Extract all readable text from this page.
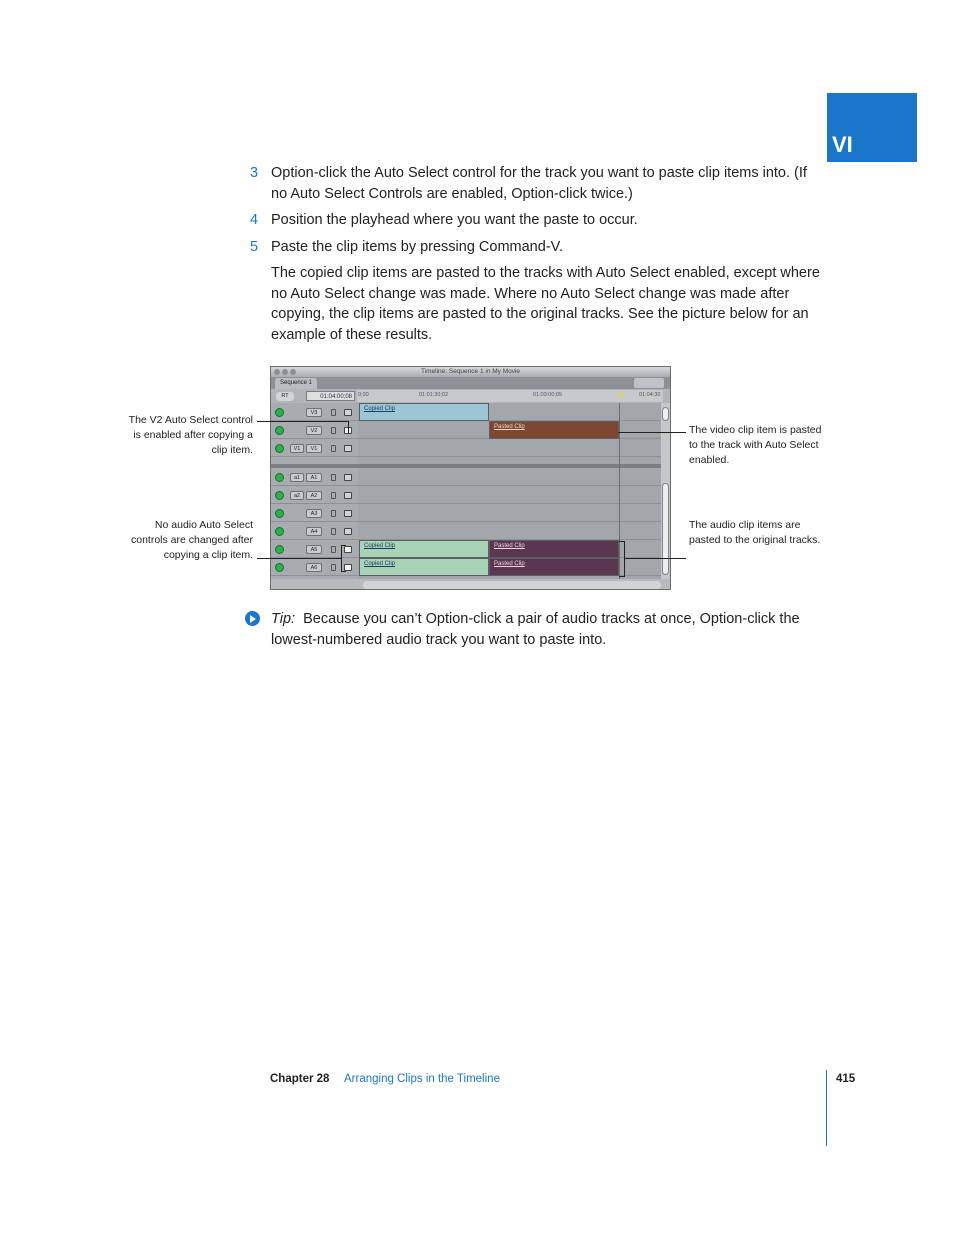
VI
3 Option-click the Auto Select control for the track you want to paste clip items into. (If no Auto Select Controls are enabled, Option-click twice.)
4 Position the playhead where you want the paste to occur.
5 Paste the clip items by pressing Command-V.
The copied clip items are pasted to the tracks with Auto Select enabled, except where no Auto Select change was made. Where no Auto Select change was made after copying, the clip items are pasted to the original tracks. See the picture below for an example of these results.
Timeline: Sequence 1 in My Movie
Sequence 1
RT	01:04:00;08	0;00	01:01:30;02	01:03:00;05	01:04:30
V3
V2
V1	V1
a1	A1
a2	A2
A3
A4
A5
A6
Copied Clip
Pasted Clip
Copied Clip	Pasted Clip
Copied Clip	Pasted Clip
The V2 Auto Select control is enabled after copying a clip item.
No audio Auto Select controls are changed after copying a clip item.
The video clip item is pasted to the track with Auto Select enabled.
The audio clip items are pasted to the original tracks.
Tip: Because you can’t Option-click a pair of audio tracks at once, Option-click the lowest-numbered audio track you want to paste into.
Chapter 28 Arranging Clips in the Timeline	415
